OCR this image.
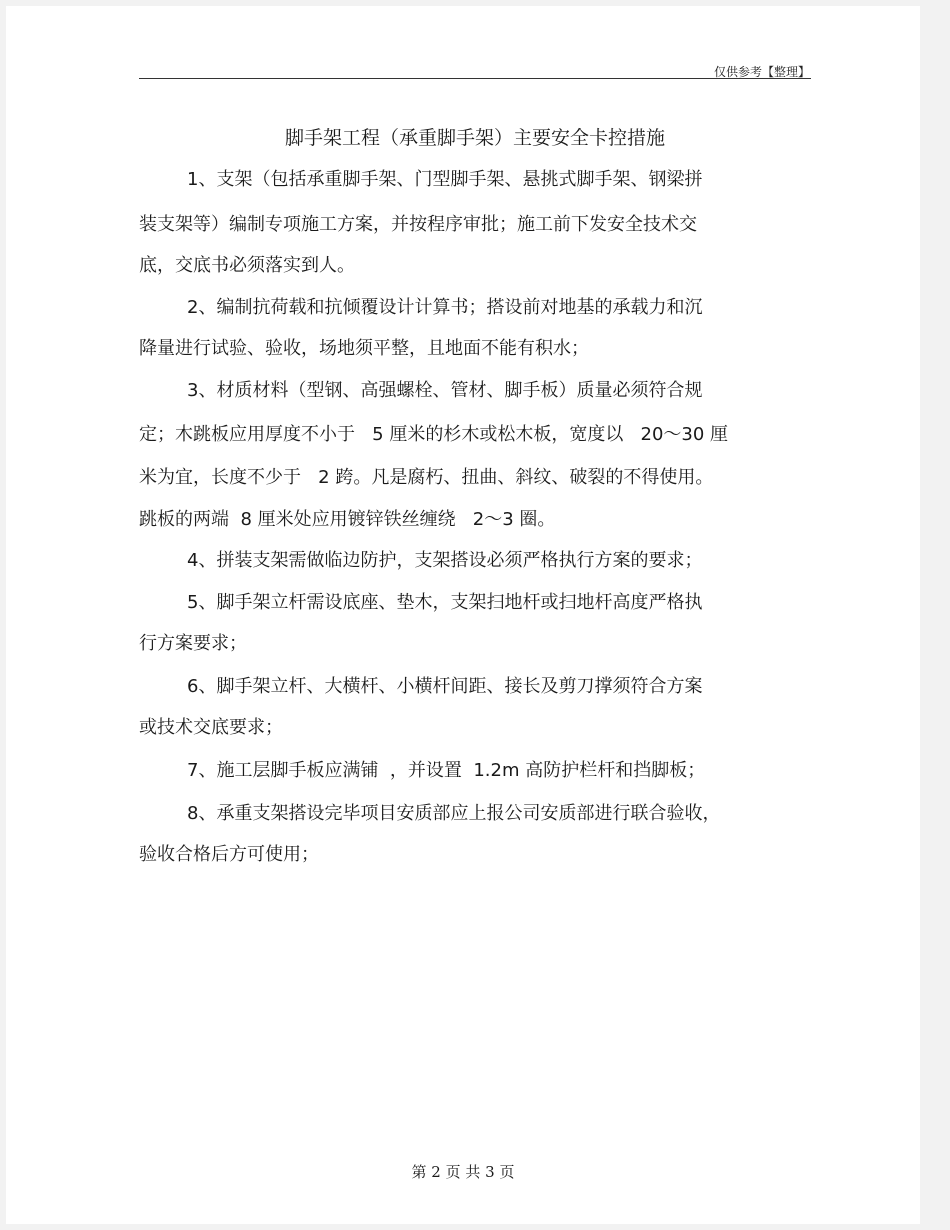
仅供参考【整理】
脚手架工程（承重脚手架）主要安全卡控措施
1、支架（包括承重脚手架、门型脚手架、悬挑式脚手架、钢梁拼
装支架等）编制专项施工方案，并按程序审批；施工前下发安全技术交
底，交底书必须落实到人。
2、编制抗荷载和抗倾覆设计计算书；搭设前对地基的承载力和沉
降量进行试验、验收，场地须平整，且地面不能有积水；
3、材质材料（型钢、高强螺栓、管材、脚手板）质量必须符合规
定；木跳板应用厚度不小于   5 厘米的杉木或松木板，宽度以   20～30 厘
米为宜，长度不少于   2 跨。凡是腐朽、扭曲、斜纹、破裂的不得使用。
跳板的两端  8 厘米处应用镀锌铁丝缠绕   2～3 圈。
4、拼装支架需做临边防护，支架搭设必须严格执行方案的要求；
5、脚手架立杆需设底座、垫木，支架扫地杆或扫地杆高度严格执
行方案要求；
6、脚手架立杆、大横杆、小横杆间距、接长及剪刀撑须符合方案
或技术交底要求；
7、施工层脚手板应满铺  ，并设置  1.2m 高防护栏杆和挡脚板；
8、承重支架搭设完毕项目安质部应上报公司安质部进行联合验收，
验收合格后方可使用；
第 2 页 共 3 页
